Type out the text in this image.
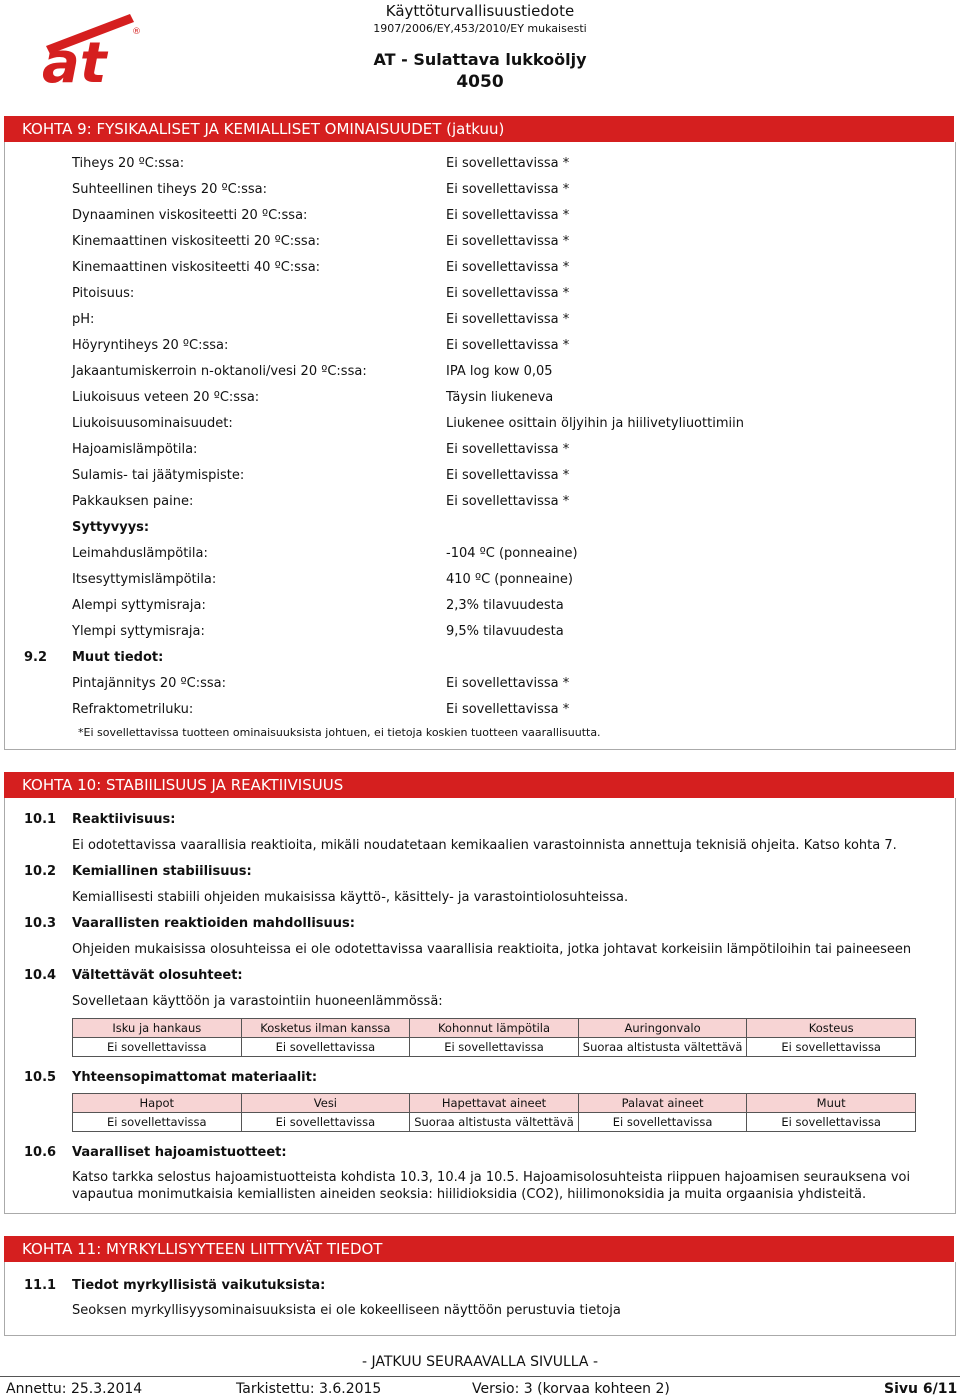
at	®
Käyttöturvallisuustiedote
1907/2006/EY,453/2010/EY mukaisesti
AT - Sulattava lukkoöljy
4050
KOHTA 9: FYSIKAALISET JA KEMIALLISET OMINAISUUDET (jatkuu)
Tiheys 20 ºC:ssa:	Ei sovellettavissa *
Suhteellinen tiheys 20 ºC:ssa:	Ei sovellettavissa *
Dynaaminen viskositeetti 20 ºC:ssa:	Ei sovellettavissa *
Kinemaattinen viskositeetti 20 ºC:ssa:	Ei sovellettavissa *
Kinemaattinen viskositeetti 40 ºC:ssa:	Ei sovellettavissa *
Pitoisuus:	Ei sovellettavissa *
pH:	Ei sovellettavissa *
Höyryntiheys 20 ºC:ssa:	Ei sovellettavissa *
Jakaantumiskerroin n-oktanoli/vesi 20 ºC:ssa:	IPA log kow 0,05
Liukoisuus veteen 20 ºC:ssa:	Täysin liukeneva
Liukoisuusominaisuudet:	Liukenee osittain öljyihin ja hiilivetyliuottimiin
Hajoamislämpötila:	Ei sovellettavissa *
Sulamis- tai jäätymispiste:	Ei sovellettavissa *
Pakkauksen paine:	Ei sovellettavissa *
Syttyvyys:
Leimahduslämpötila:	-104 ºC (ponneaine)
Itsesyttymislämpötila:	410 ºC (ponneaine)
Alempi syttymisraja:	2,3% tilavuudesta
Ylempi syttymisraja:	9,5% tilavuudesta
9.2 Muut tiedot:
Pintajännitys 20 ºC:ssa:	Ei sovellettavissa *
Refraktometriluku:	Ei sovellettavissa *
*Ei sovellettavissa tuotteen ominaisuuksista johtuen, ei tietoja koskien tuotteen vaarallisuutta.
KOHTA 10: STABIILISUUS JA REAKTIIVISUUS
10.1 Reaktiivisuus:
Ei odotettavissa vaarallisia reaktioita, mikäli noudatetaan kemikaalien varastoinnista annettuja teknisiä ohjeita. Katso kohta 7.
10.2 Kemiallinen stabiilisuus:
Kemiallisesti stabiili ohjeiden mukaisissa käyttö-, käsittely- ja varastointiolosuhteissa.
10.3 Vaarallisten reaktioiden mahdollisuus:
Ohjeiden mukaisissa olosuhteissa ei ole odotettavissa vaarallisia reaktioita, jotka johtavat korkeisiin lämpötiloihin tai paineeseen
10.4 Vältettävät olosuhteet:
Sovelletaan käyttöön ja varastointiin huoneenlämmössä:
Isku ja hankaus	Kosketus ilman kanssa	Kohonnut lämpötila	Auringonvalo	Kosteus
Ei sovellettavissa	Ei sovellettavissa	Ei sovellettavissa	Suoraa altistusta vältettävä	Ei sovellettavissa
10.5 Yhteensopimattomat materiaalit:
Hapot	Vesi	Hapettavat aineet	Palavat aineet	Muut
Ei sovellettavissa	Ei sovellettavissa	Suoraa altistusta vältettävä	Ei sovellettavissa	Ei sovellettavissa
10.6 Vaaralliset hajoamistuotteet:
Katso tarkka selostus hajoamistuotteista kohdista 10.3, 10.4 ja 10.5. Hajoamisolosuhteista riippuen hajoamisen seurauksena voi
vapautua monimutkaisia kemiallisten aineiden seoksia: hiilidioksidia (CO2), hiilimonoksidia ja muita orgaanisia yhdisteitä.
KOHTA 11: MYRKYLLISYYTEEN LIITTYVÄT TIEDOT
11.1 Tiedot myrkyllisistä vaikutuksista:
Seoksen myrkyllisyysominaisuuksista ei ole kokeelliseen näyttöön perustuvia tietoja
- JATKUU SEURAAVALLA SIVULLA -
Annettu: 25.3.2014	Tarkistettu: 3.6.2015	Versio: 3 (korvaa kohteen 2)	Sivu 6/11
